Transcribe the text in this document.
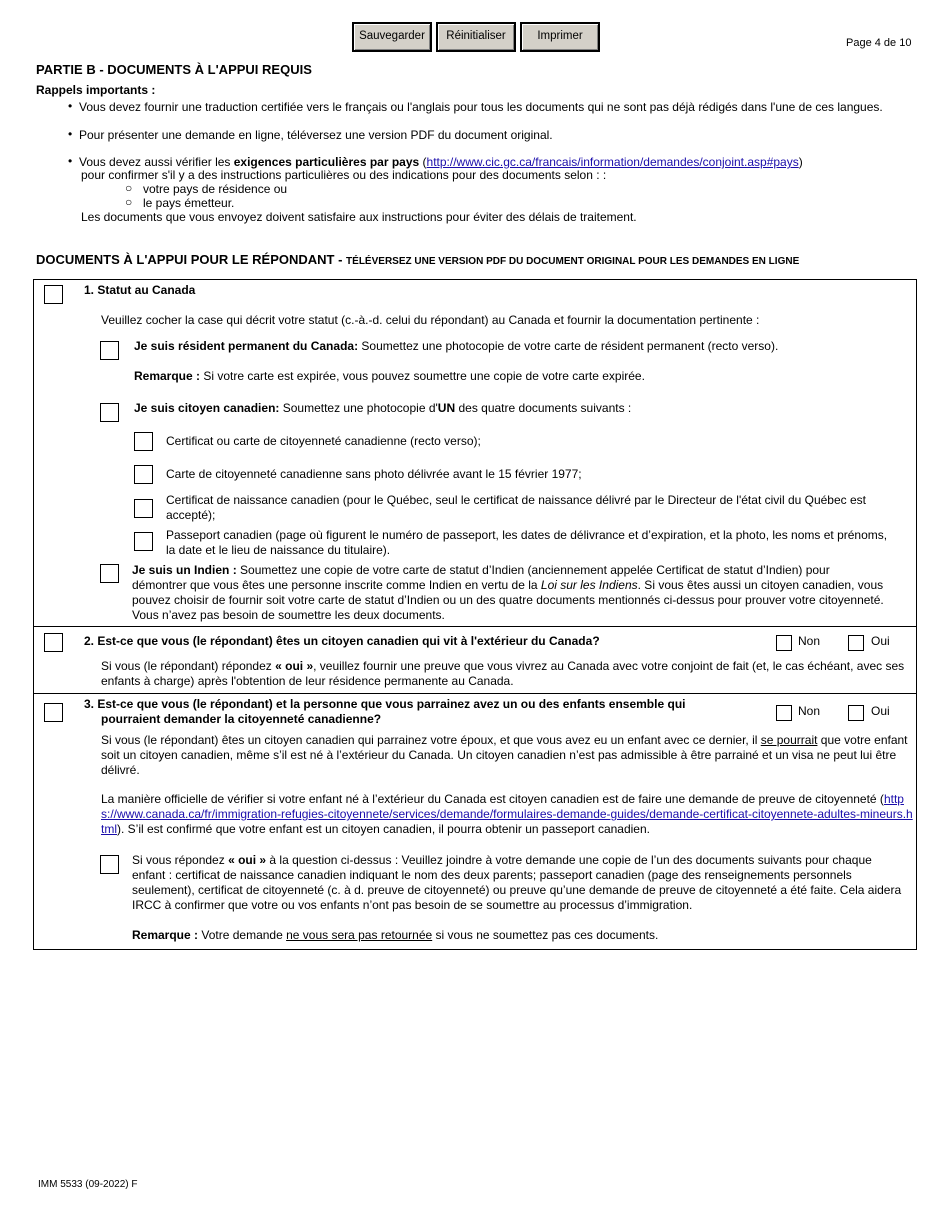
Sauvegarder	Réinitialiser	Imprimer
Page 4 de 10
PARTIE B - DOCUMENTS À L'APPUI REQUIS
Rappels importants :
• Vous devez fournir une traduction certifiée vers le français ou l'anglais pour tous les documents qui ne sont pas déjà rédigés dans l'une de ces langues.
• Pour présenter une demande en ligne, téléversez une version PDF du document original.
• Vous devez aussi vérifier les exigences particulières par pays (http://www.cic.gc.ca/francais/information/demandes/conjoint.asp#pays)
pour confirmer s'il y a des instructions particulières ou des indications pour des documents selon : :
○ votre pays de résidence ou
○ le pays émetteur.
Les documents que vous envoyez doivent satisfaire aux instructions pour éviter des délais de traitement.
DOCUMENTS À L'APPUI POUR LE RÉPONDANT - TÉLÉVERSEZ UNE VERSION PDF DU DOCUMENT ORIGINAL POUR LES DEMANDES EN LIGNE
1. Statut au Canada
Veuillez cocher la case qui décrit votre statut (c.-à.-d. celui du répondant) au Canada et fournir la documentation pertinente :
Je suis résident permanent du Canada: Soumettez une photocopie de votre carte de résident permanent (recto verso).
Remarque : Si votre carte est expirée, vous pouvez soumettre une copie de votre carte expirée.
Je suis citoyen canadien: Soumettez une photocopie d'UN des quatre documents suivants :
Certificat ou carte de citoyenneté canadienne (recto verso);
Carte de citoyenneté canadienne sans photo délivrée avant le 15 février 1977;
Certificat de naissance canadien (pour le Québec, seul le certificat de naissance délivré par le Directeur de l'état civil du Québec est accepté);
Passeport canadien (page où figurent le numéro de passeport, les dates de délivrance et d’expiration, et la photo, les noms et prénoms, la date et le lieu de naissance du titulaire).
Je suis un Indien : Soumettez une copie de votre carte de statut d’Indien (anciennement appelée Certificat de statut d’Indien) pour démontrer que vous êtes une personne inscrite comme Indien en vertu de la Loi sur les Indiens. Si vous êtes aussi un citoyen canadien, vous pouvez choisir de fournir soit votre carte de statut d’Indien ou un des quatre documents mentionnés ci-dessus pour prouver votre citoyenneté. Vous n’avez pas besoin de soumettre les deux documents.
2. Est-ce que vous (le répondant) êtes un citoyen canadien qui vit à l'extérieur du Canada?	Non	Oui
Si vous (le répondant) répondez « oui », veuillez fournir une preuve que vous vivrez au Canada avec votre conjoint de fait (et, le cas échéant, avec ses enfants à charge) après l'obtention de leur résidence permanente au Canada.
3. Est-ce que vous (le répondant) et la personne que vous parrainez avez un ou des enfants ensemble qui
pourraient demander la citoyenneté canadienne?
Non	Oui
Si vous (le répondant) êtes un citoyen canadien qui parrainez votre époux, et que vous avez eu un enfant avec ce dernier, il se pourrait que votre enfant soit un citoyen canadien, même s’il est né à l’extérieur du Canada. Un citoyen canadien n’est pas admissible à être parrainé et un visa ne peut lui être délivré.
La manière officielle de vérifier si votre enfant né à l’extérieur du Canada est citoyen canadien est de faire une demande de preuve de citoyenneté (https://www.canada.ca/fr/immigration-refugies-citoyennete/services/demande/formulaires-demande-guides/demande-certificat-citoyennete-adultes-mineurs.html). S’il est confirmé que votre enfant est un citoyen canadien, il pourra obtenir un passeport canadien.
Si vous répondez « oui » à la question ci-dessus : Veuillez joindre à votre demande une copie de l’un des documents suivants pour chaque enfant : certificat de naissance canadien indiquant le nom des deux parents; passeport canadien (page des renseignements personnels seulement), certificat de citoyenneté (c. à d. preuve de citoyenneté) ou preuve qu’une demande de preuve de citoyenneté a été faite. Cela aidera IRCC à confirmer que votre ou vos enfants n’ont pas besoin de se soumettre au processus d’immigration.
Remarque : Votre demande ne vous sera pas retournée si vous ne soumettez pas ces documents.
IMM 5533 (09-2022) F
